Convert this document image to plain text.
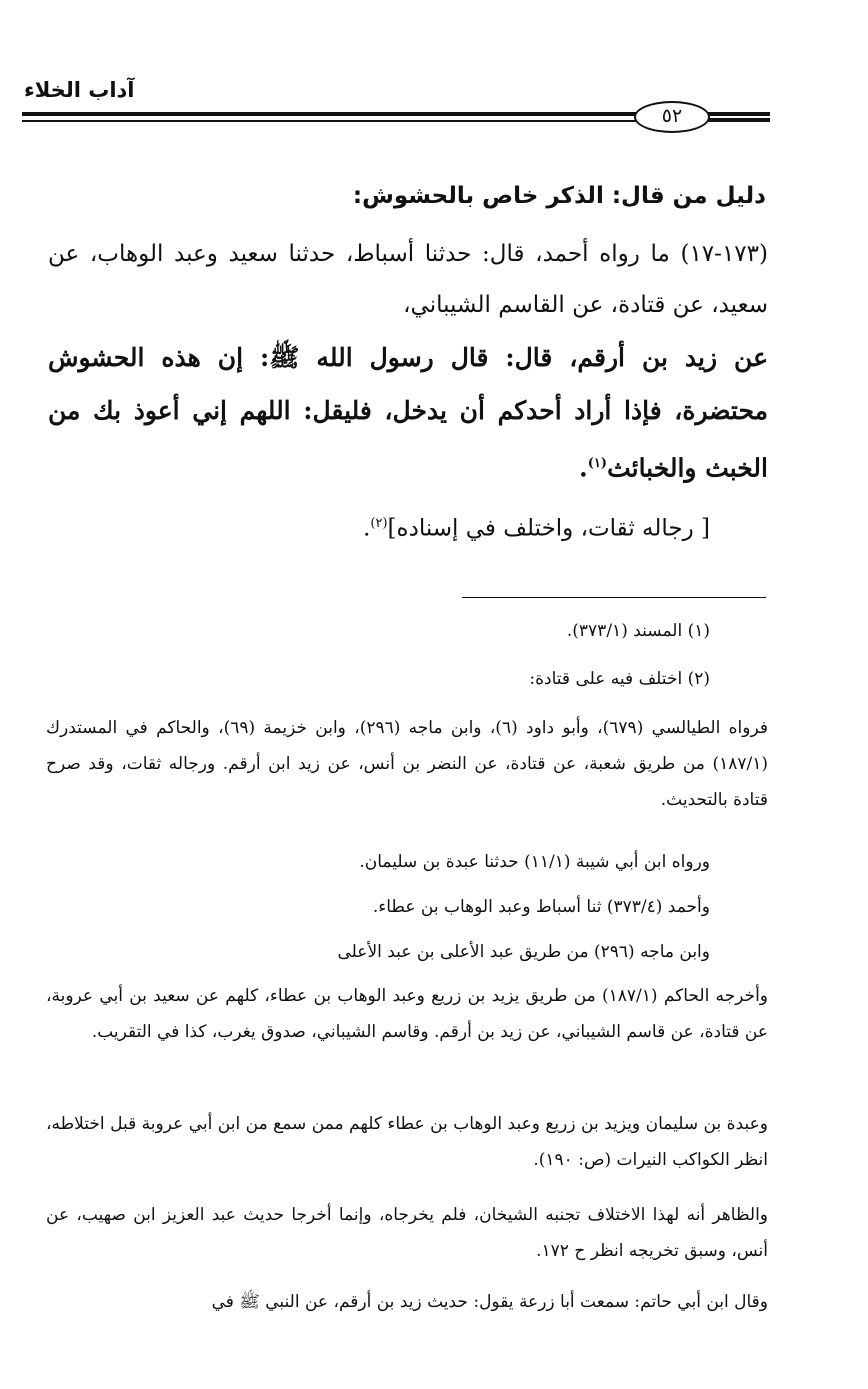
آداب الخلاء
٥٢
دليل من قال: الذكر خاص بالحشوش:
(١٧٣-١٧) ما رواه أحمد، قال: حدثنا أسباط، حدثنا سعيد وعبد الوهاب، عن سعيد، عن قتادة، عن القاسم الشيباني،
عن زيد بن أرقم، قال: قال رسول الله ﷺ: إن هذه الحشوش محتضرة، فإذا أراد أحدكم أن يدخل، فليقل: اللهم إني أعوذ بك من الخبث والخبائث$^{(١)}$.
[ رجاله ثقات، واختلف في إسناده]$^{(٢)}$.
(١) المسند (٣٧٣/١).
(٢) اختلف فيه على قتادة:
فرواه الطيالسي (٦٧٩)، وأبو داود (٦)، وابن ماجه (٢٩٦)، وابن خزيمة (٦٩)، والحاكم في المستدرك (١٨٧/١) من طريق شعبة، عن قتادة، عن النضر بن أنس، عن زيد ابن أرقم. ورجاله ثقات، وقد صرح قتادة بالتحديث.
ورواه ابن أبي شيبة (١١/١) حدثنا عبدة بن سليمان.
وأحمد (٣٧٣/٤) ثنا أسباط وعبد الوهاب بن عطاء.
وابن ماجه (٢٩٦) من طريق عبد الأعلى بن عبد الأعلى
وأخرجه الحاكم (١٨٧/١) من طريق يزيد بن زريع وعبد الوهاب بن عطاء، كلهم عن سعيد بن أبي عروبة، عن قتادة، عن قاسم الشيباني، عن زيد بن أرقم. وقاسم الشيباني، صدوق يغرب، كذا في التقريب.
وعبدة بن سليمان ويزيد بن زريع وعبد الوهاب بن عطاء كلهم ممن سمع من ابن أبي عروبة قبل اختلاطه، انظر الكواكب النيرات (ص: ١٩٠).
والظاهر أنه لهذا الاختلاف تجنبه الشيخان، فلم يخرجاه، وإنما أخرجا حديث عبد العزيز ابن صهيب، عن أنس، وسبق تخريجه انظر ح ١٧٢.
وقال ابن أبي حاتم: سمعت أبا زرعة يقول: حديث زيد بن أرقم، عن النبي ﷺ في
